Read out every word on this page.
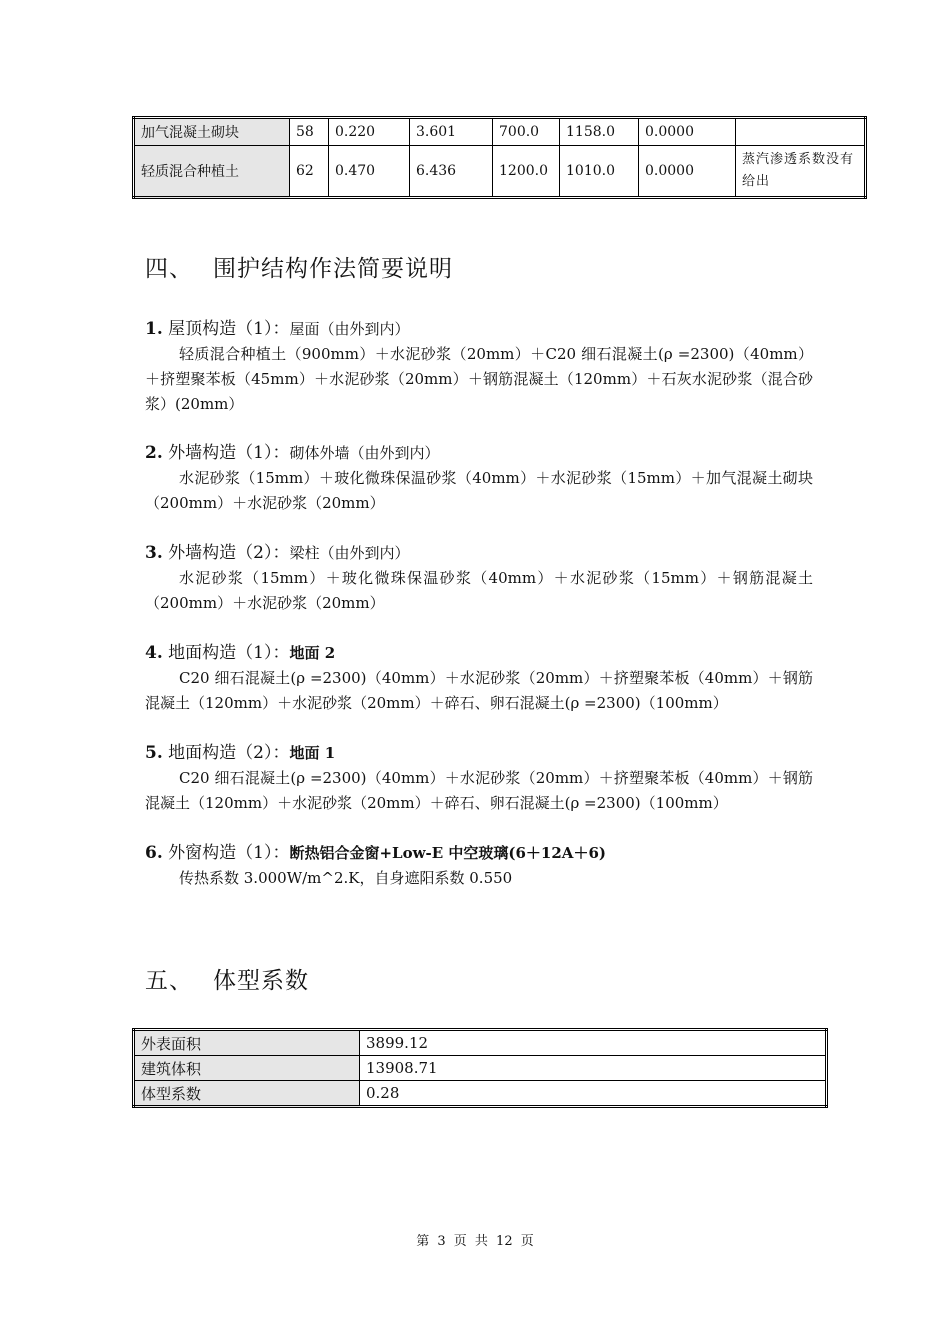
加气混凝土砌块	58	0.220	3.601	700.0	1158.0	0.0000	
轻质混合种植土	62	0.470	6.436	1200.0	1010.0	0.0000	蒸汽渗透系数没有给出
四、 围护结构作法简要说明
1. 屋顶构造（1）：屋面（由外到内）

轻质混合种植土（900mm）＋水泥砂浆（20mm）＋C20 细石混凝土(ρ =2300)（40mm）＋挤塑聚苯板（45mm）＋水泥砂浆（20mm）＋钢筋混凝土（120mm）＋石灰水泥砂浆（混合砂浆）(20mm）

2. 外墙构造（1）：砌体外墙（由外到内）

水泥砂浆（15mm）＋玻化微珠保温砂浆（40mm）＋水泥砂浆（15mm）＋加气混凝土砌块（200mm）＋水泥砂浆（20mm）

3. 外墙构造（2）：梁柱（由外到内）

水泥砂浆（15mm）＋玻化微珠保温砂浆（40mm）＋水泥砂浆（15mm）＋钢筋混凝土（200mm）＋水泥砂浆（20mm）

4. 地面构造（1）：地面 2

C20 细石混凝土(ρ =2300)（40mm）＋水泥砂浆（20mm）＋挤塑聚苯板（40mm）＋钢筋混凝土（120mm）＋水泥砂浆（20mm）＋碎石、卵石混凝土(ρ =2300)（100mm）

5. 地面构造（2）：地面 1

C20 细石混凝土(ρ =2300)（40mm）＋水泥砂浆（20mm）＋挤塑聚苯板（40mm）＋钢筋混凝土（120mm）＋水泥砂浆（20mm）＋碎石、卵石混凝土(ρ =2300)（100mm）

6. 外窗构造（1）：断热铝合金窗+Low-E 中空玻璃(6＋12A＋6)

传热系数 3.000W/m^2.K，自身遮阳系数 0.550

五、 体型系数
外表面积	3899.12
建筑体积	13908.71
体型系数	0.28
第 3 页 共 12 页
